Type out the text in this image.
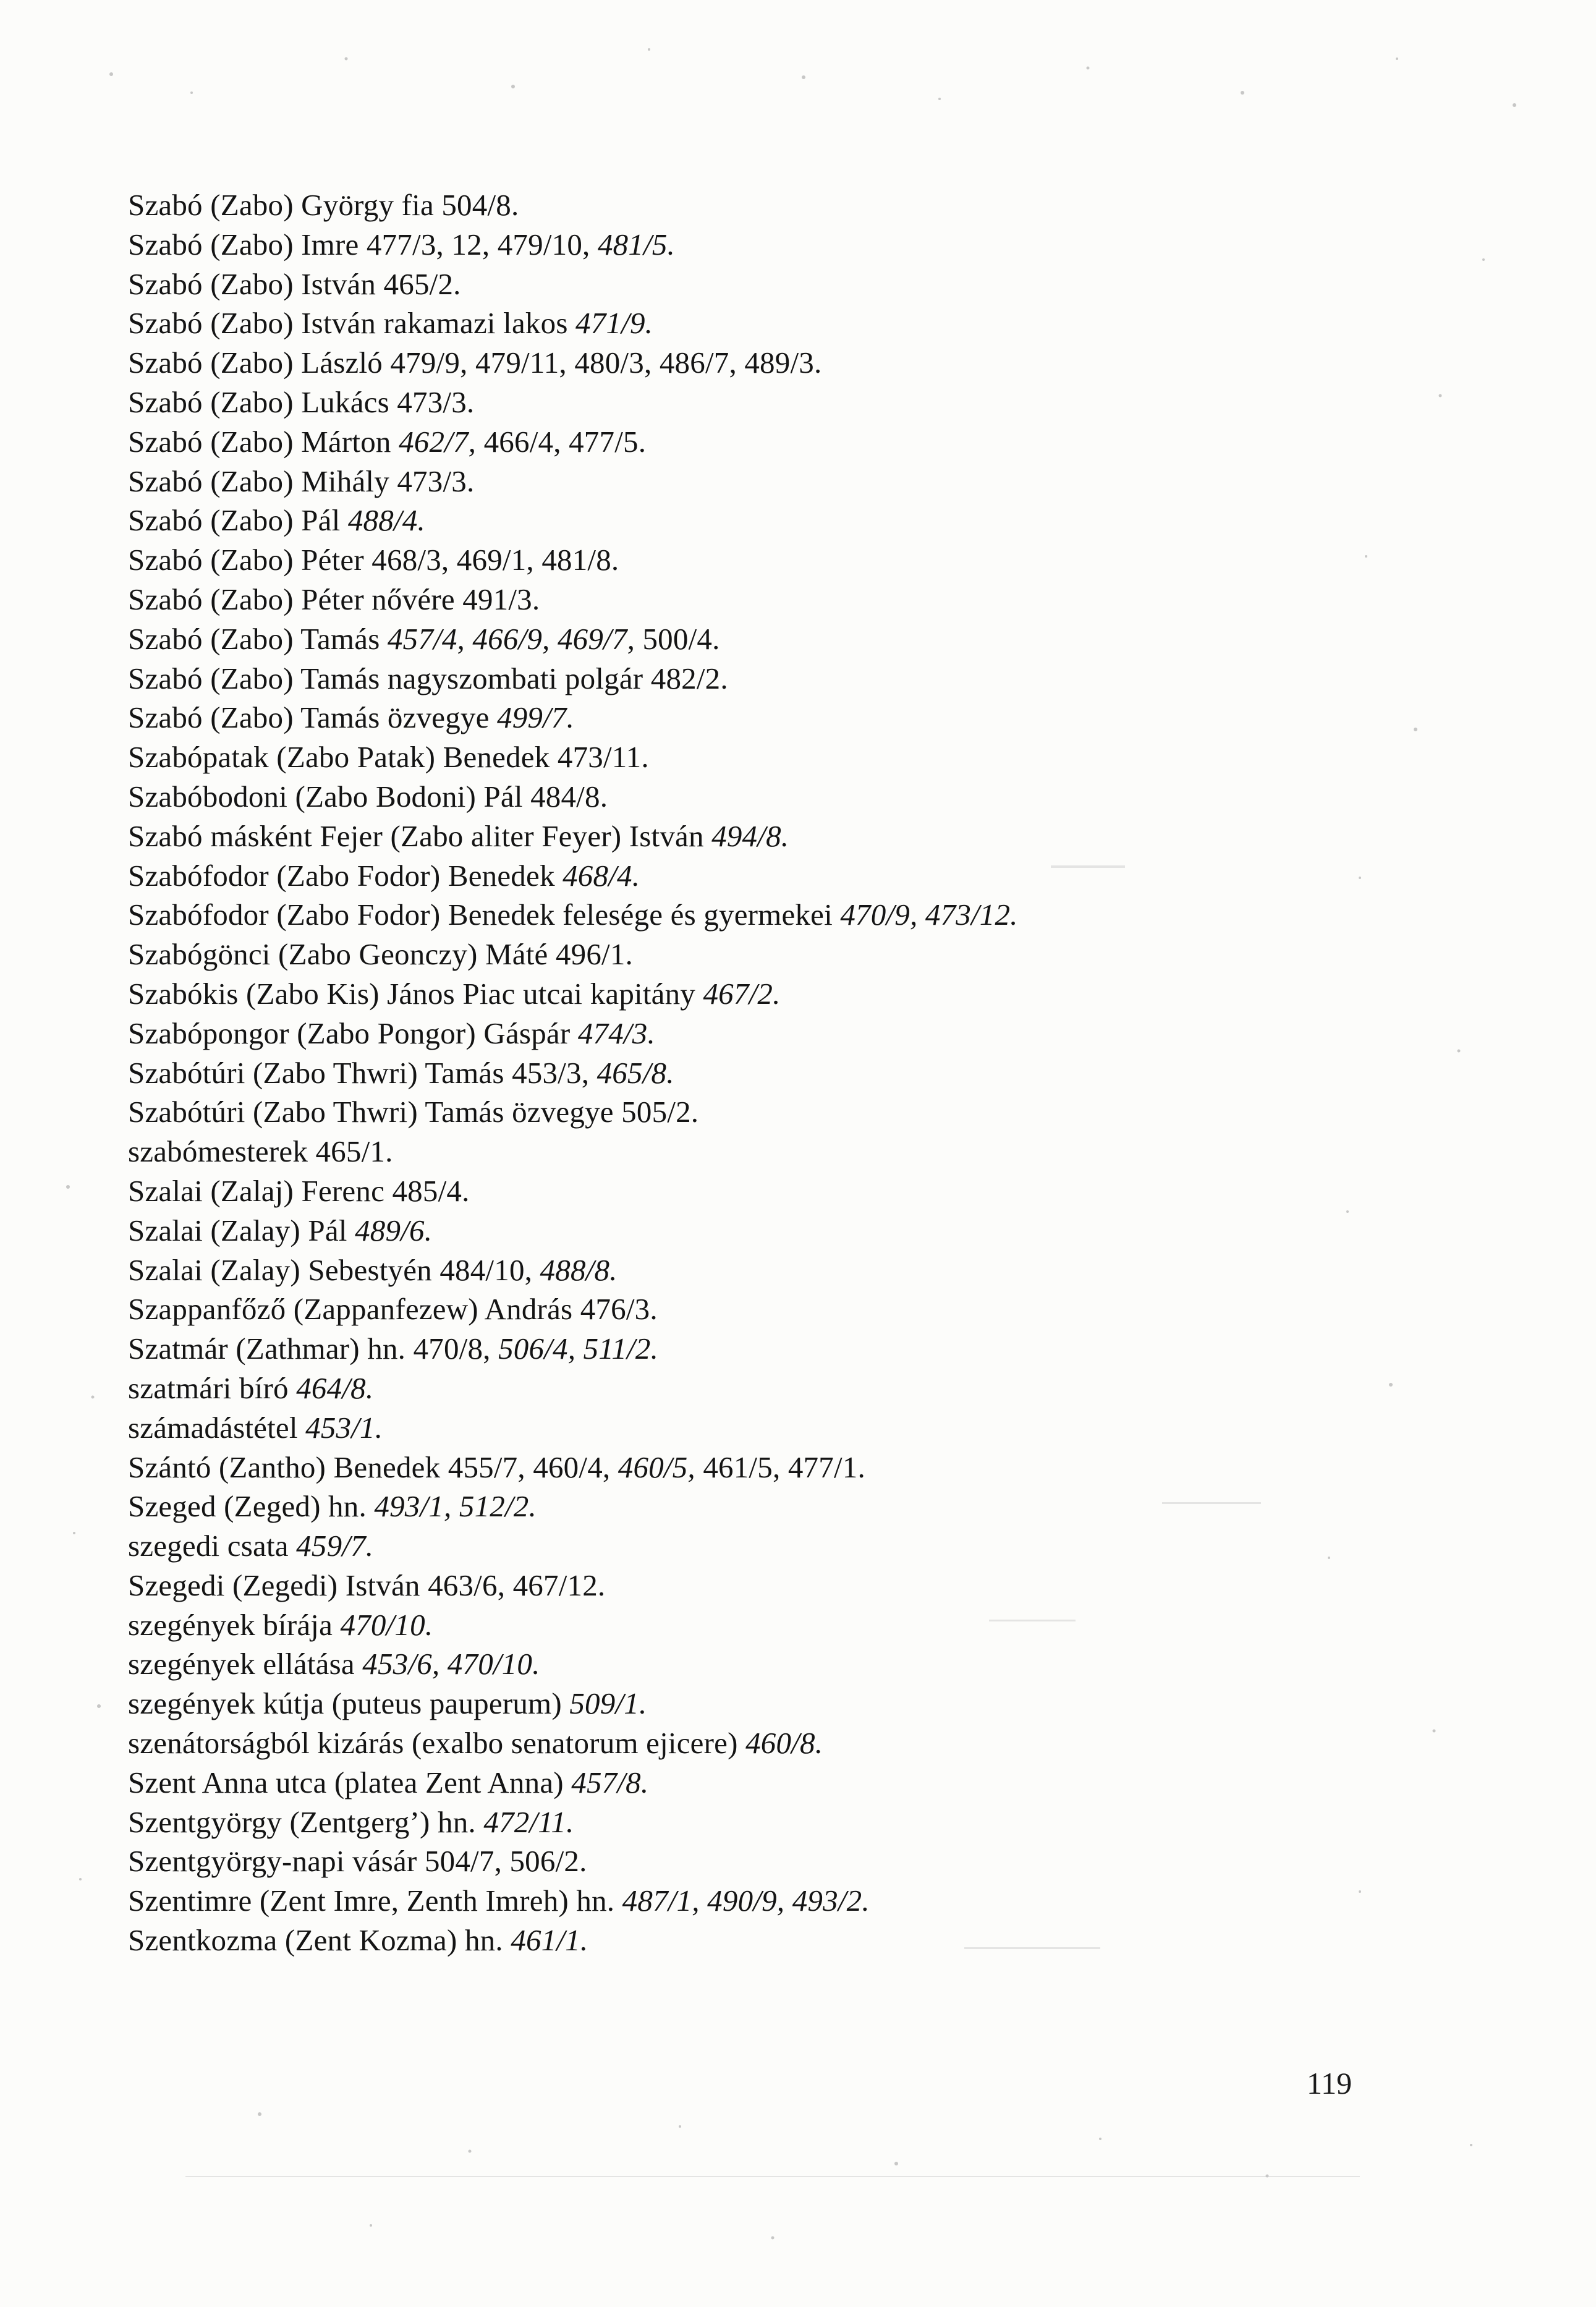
Szabó (Zabo) György fia 504/8.
Szabó (Zabo) Imre 477/3, 12, 479/10, 481/5.
Szabó (Zabo) István 465/2.
Szabó (Zabo) István rakamazi lakos 471/9.
Szabó (Zabo) László 479/9, 479/11, 480/3, 486/7, 489/3.
Szabó (Zabo) Lukács 473/3.
Szabó (Zabo) Márton 462/7, 466/4, 477/5.
Szabó (Zabo) Mihály 473/3.
Szabó (Zabo) Pál 488/4.
Szabó (Zabo) Péter 468/3, 469/1, 481/8.
Szabó (Zabo) Péter nővére 491/3.
Szabó (Zabo) Tamás 457/4, 466/9, 469/7, 500/4.
Szabó (Zabo) Tamás nagyszombati polgár 482/2.
Szabó (Zabo) Tamás özvegye 499/7.
Szabópatak (Zabo Patak) Benedek 473/11.
Szabóbodoni (Zabo Bodoni) Pál 484/8.
Szabó másként Fejer (Zabo aliter Feyer) István 494/8.
Szabófodor (Zabo Fodor) Benedek 468/4.
Szabófodor (Zabo Fodor) Benedek felesége és gyermekei 470/9, 473/12.
Szabógönci (Zabo Geonczy) Máté 496/1.
Szabókis (Zabo Kis) János Piac utcai kapitány 467/2.
Szabópongor (Zabo Pongor) Gáspár 474/3.
Szabótúri (Zabo Thwri) Tamás 453/3, 465/8.
Szabótúri (Zabo Thwri) Tamás özvegye 505/2.
szabómesterek 465/1.
Szalai (Zalaj) Ferenc 485/4.
Szalai (Zalay) Pál 489/6.
Szalai (Zalay) Sebestyén 484/10, 488/8.
Szappanfőző (Zappanfezew) András 476/3.
Szatmár (Zathmar) hn. 470/8, 506/4, 511/2.
szatmári bíró 464/8.
számadástétel 453/1.
Szántó (Zantho) Benedek 455/7, 460/4, 460/5, 461/5, 477/1.
Szeged (Zeged) hn. 493/1, 512/2.
szegedi csata 459/7.
Szegedi (Zegedi) István 463/6, 467/12.
szegények bírája 470/10.
szegények ellátása 453/6, 470/10.
szegények kútja (puteus pauperum) 509/1.
szenátorságból kizárás (exalbo senatorum ejicere) 460/8.
Szent Anna utca (platea Zent Anna) 457/8.
Szentgyörgy (Zentgerg’) hn. 472/11.
Szentgyörgy-napi vásár 504/7, 506/2.
Szentimre (Zent Imre, Zenth Imreh) hn. 487/1, 490/9, 493/2.
Szentkozma (Zent Kozma) hn. 461/1.
119
